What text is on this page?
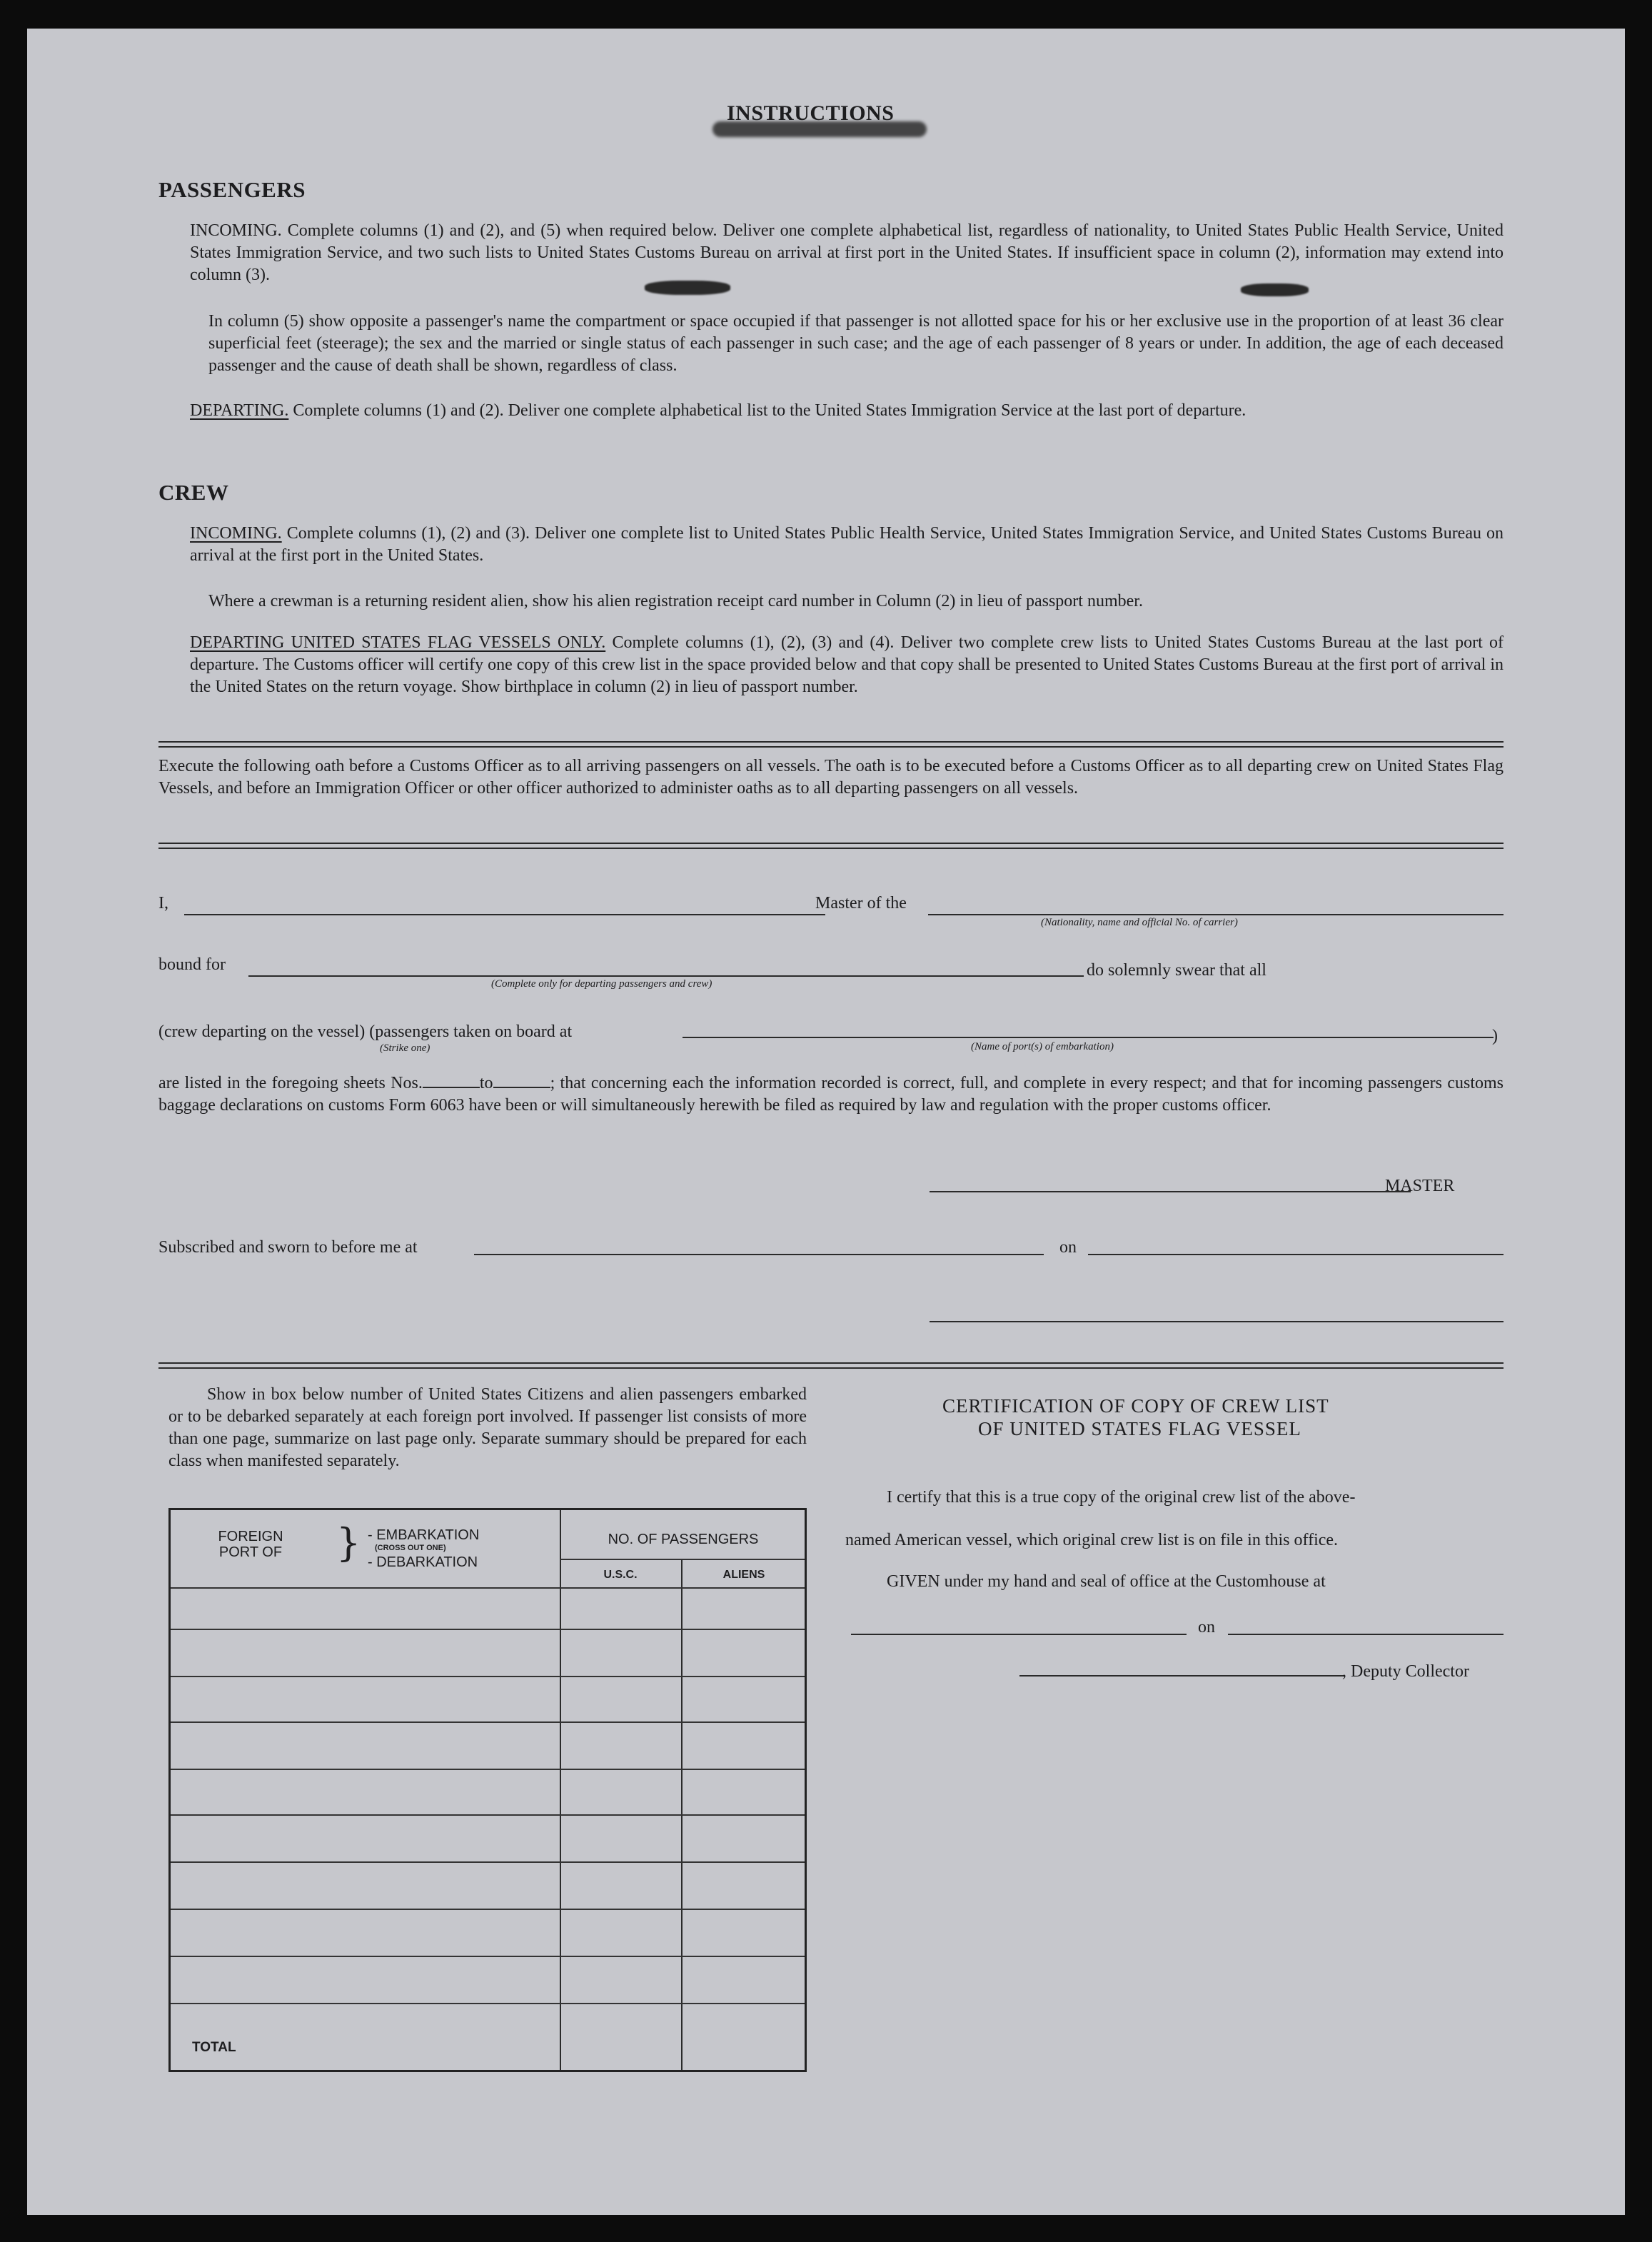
INSTRUCTIONS
PASSENGERS
INCOMING. Complete columns (1) and (2), and (5) when required below. Deliver one complete alphabetical list, regardless of nationality, to United States Public Health Service, United States Immigration Service, and two such lists to United States Customs Bureau on arrival at first port in the United States. If insufficient space in column (2), information may extend into column (3).
In column (5) show opposite a passenger's name the compartment or space occupied if that passenger is not allotted space for his or her exclusive use in the proportion of at least 36 clear superficial feet (steerage); the sex and the married or single status of each passenger in such case; and the age of each passenger of 8 years or under. In addition, the age of each deceased passenger and the cause of death shall be shown, regardless of class.
DEPARTING. Complete columns (1) and (2). Deliver one complete alphabetical list to the United States Immigration Service at the last port of departure.
CREW
INCOMING. Complete columns (1), (2) and (3). Deliver one complete list to United States Public Health Service, United States Immigration Service, and United States Customs Bureau on arrival at the first port in the United States.
Where a crewman is a returning resident alien, show his alien registration receipt card number in Column (2) in lieu of passport number.
DEPARTING UNITED STATES FLAG VESSELS ONLY. Complete columns (1), (2), (3) and (4). Deliver two complete crew lists to United States Customs Bureau at the last port of departure. The Customs officer will certify one copy of this crew list in the space provided below and that copy shall be presented to United States Customs Bureau at the first port of arrival in the United States on the return voyage. Show birthplace in column (2) in lieu of passport number.
Execute the following oath before a Customs Officer as to all arriving passengers on all vessels. The oath is to be executed before a Customs Officer as to all departing crew on United States Flag Vessels, and before an Immigration Officer or other officer authorized to administer oaths as to all departing passengers on all vessels.
I,	Master of the
(Nationality, name and official No. of carrier)
bound for
(Complete only for departing passengers and crew)
do solemnly swear that all
(crew departing on the vessel) (passengers taken on board at
(Strike one)
)
(Name of port(s) of embarkation)
are listed in the foregoing sheets Nos.	to	; that concerning each the information recorded is correct, full, and complete in every respect; and that for incoming passengers customs baggage declarations on customs Form 6063 have been or will simultaneously herewith be filed as required by law and regulation with the proper customs officer.
MASTER
Subscribed and sworn to before me at	on
Show in box below number of United States Citizens and alien passengers embarked or to be debarked separately at each foreign port involved. If passenger list consists of more than one page, summarize on last page only. Separate summary should be prepared for each class when manifested separately.
FOREIGN PORT OF } - EMBARKATION
(CROSS OUT ONE)
- DEBARKATION
NO. OF PASSENGERS
U.S.C.	ALIENS
TOTAL
CERTIFICATION OF COPY OF CREW LIST
OF UNITED STATES FLAG VESSEL
I certify that this is a true copy of the original crew list of the above-
named American vessel, which original crew list is on file in this office.
GIVEN under my hand and seal of office at the Customhouse at
on
, Deputy Collector
